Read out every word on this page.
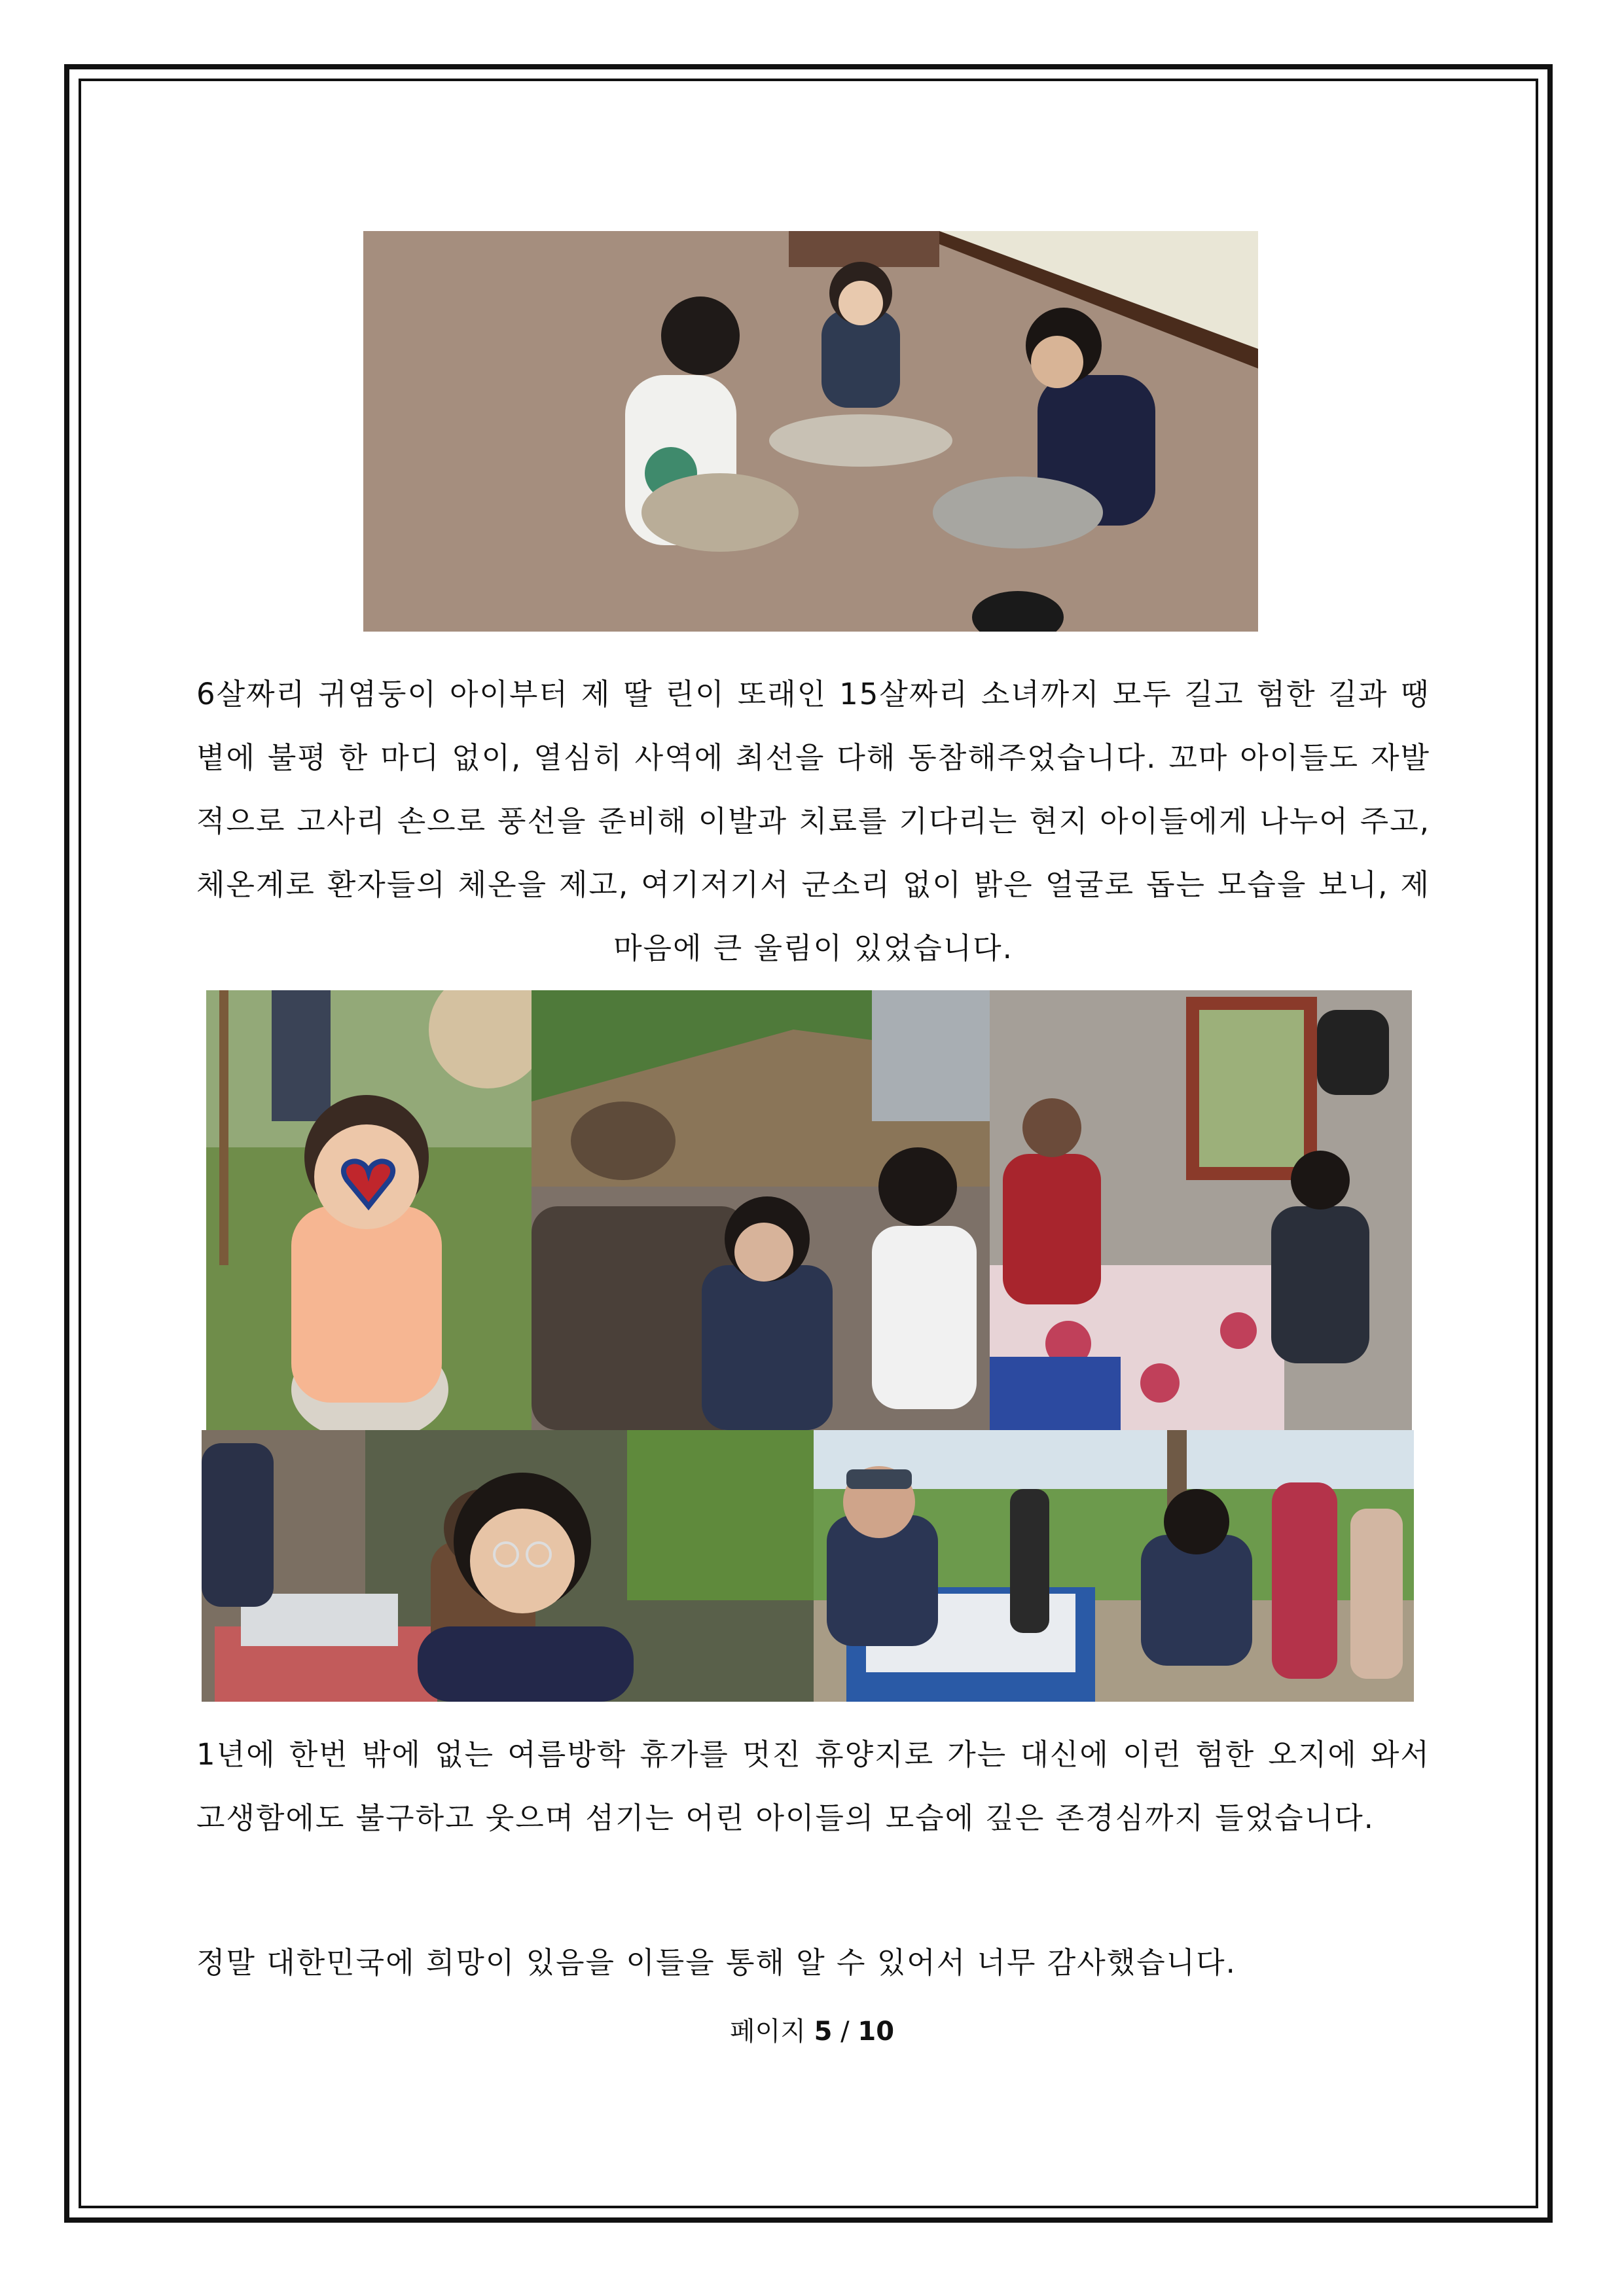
6살짜리 귀염둥이 아이부터 제 딸 린이 또래인 15살짜리 소녀까지 모두 길고 험한 길과 땡볕에 불평 한 마디 없이, 열심히 사역에 최선을 다해 동참해주었습니다. 꼬마 아이들도 자발적으로 고사리 손으로 풍선을 준비해 이발과 치료를 기다리는 현지 아이들에게 나누어 주고, 체온계로 환자들의 체온을 제고, 여기저기서 군소리 없이 밝은 얼굴로 돕는 모습을 보니, 제 마음에 큰 울림이 있었습니다.

1년에 한번 밖에 없는 여름방학 휴가를 멋진 휴양지로 가는 대신에 이런 험한 오지에 와서 고생함에도 불구하고 웃으며 섬기는 어린 아이들의 모습에 깊은 존경심까지 들었습니다.

정말 대한민국에 희망이 있음을 이들을 통해 알 수 있어서 너무 감사했습니다.

페이지 5 / 10
